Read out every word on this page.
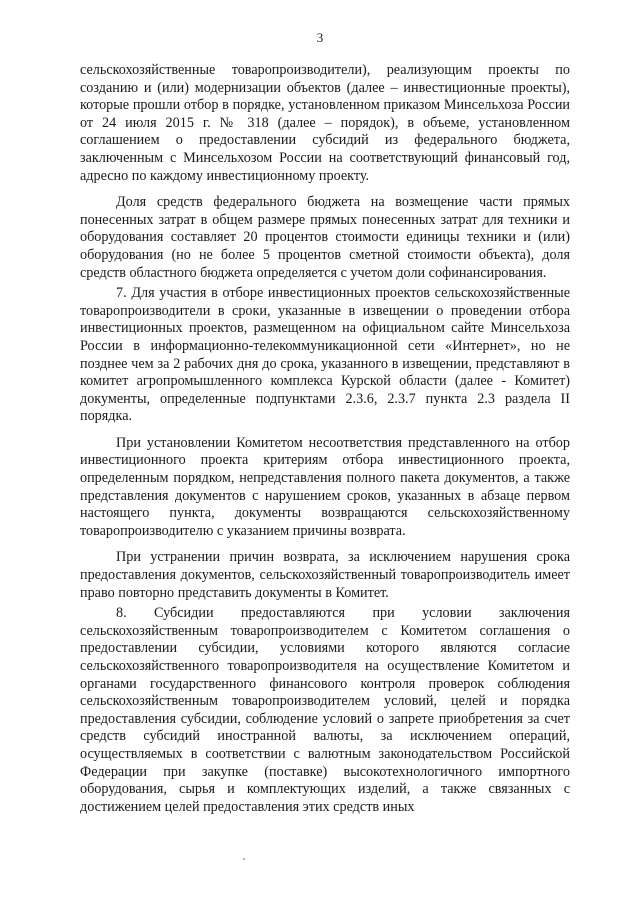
3

сельскохозяйственные товаропроизводители), реализующим проекты по созданию и (или) модернизации объектов (далее – инвестиционные проекты), которые прошли отбор в порядке, установленном приказом Минсельхоза России от 24 июля 2015 г. № 318 (далее – порядок), в объеме, установленном соглашением о предоставлении субсидий из федерального бюджета, заключенным с Минсельхозом России на соответствующий финансовый год, адресно по каждому инвестиционному проекту.

Доля средств федерального бюджета на возмещение части прямых понесенных затрат в общем размере прямых понесенных затрат для техники и оборудования составляет 20 процентов стоимости единицы техники и (или) оборудования (но не более 5 процентов сметной стоимости объекта), доля средств областного бюджета определяется с учетом доли софинансирования.

7. Для участия в отборе инвестиционных проектов сельскохозяйственные товаропроизводители в сроки, указанные в извещении о проведении отбора инвестиционных проектов, размещенном на официальном сайте Минсельхоза России в информационно-телекоммуникационной сети «Интернет», но не позднее чем за 2 рабочих дня до срока, указанного в извещении, представляют в комитет агропромышленного комплекса Курской области (далее - Комитет) документы, определенные подпунктами 2.3.6, 2.3.7 пункта 2.3 раздела II порядка.

При установлении Комитетом несоответствия представленного на отбор инвестиционного проекта критериям отбора инвестиционного проекта, определенным порядком, непредставления полного пакета документов, а также представления документов с нарушением сроков, указанных в абзаце первом настоящего пункта, документы возвращаются сельскохозяйственному товаропроизводителю с указанием причины возврата.

При устранении причин возврата, за исключением нарушения срока предоставления документов, сельскохозяйственный товаропроизводитель имеет право повторно представить документы в Комитет.

8. Субсидии предоставляются при условии заключения сельскохозяйственным товаропроизводителем с Комитетом соглашения о предоставлении субсидии, условиями которого являются согласие сельскохозяйственного товаропроизводителя на осуществление Комитетом и органами государственного финансового контроля проверок соблюдения сельскохозяйственным товаропроизводителем условий, целей и порядка предоставления субсидии, соблюдение условий о запрете приобретения за счет средств субсидий иностранной валюты, за исключением операций, осуществляемых в соответствии с валютным законодательством Российской Федерации при закупке (поставке) высокотехнологичного импортного оборудования, сырья и комплектующих изделий, а также связанных с достижением целей предоставления этих средств иных
